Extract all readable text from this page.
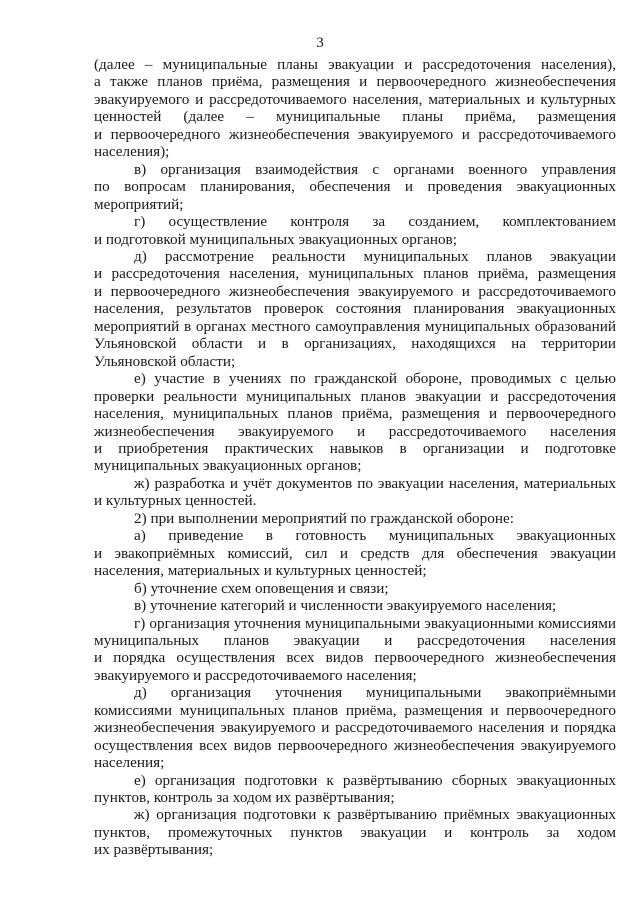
3
(далее – муниципальные планы эвакуации и рассредоточения населения),
а также планов приёма, размещения и первоочередного жизнеобеспечения
эвакуируемого и рассредоточиваемого населения, материальных и культурных
ценностей (далее – муниципальные планы приёма, размещения
и первоочередного жизнеобеспечения эвакуируемого и рассредоточиваемого
населения);
в) организация взаимодействия с органами военного управления
по вопросам планирования, обеспечения и проведения эвакуационных
мероприятий;
г) осуществление контроля за созданием, комплектованием
и подготовкой муниципальных эвакуационных органов;
д) рассмотрение реальности муниципальных планов эвакуации
и рассредоточения населения, муниципальных планов приёма, размещения
и первоочередного жизнеобеспечения эвакуируемого и рассредоточиваемого
населения, результатов проверок состояния планирования эвакуационных
мероприятий в органах местного самоуправления муниципальных образований
Ульяновской области и в организациях, находящихся на территории
Ульяновской области;
е) участие в учениях по гражданской обороне, проводимых с целью
проверки реальности муниципальных планов эвакуации и рассредоточения
населения, муниципальных планов приёма, размещения и первоочередного
жизнеобеспечения эвакуируемого и рассредоточиваемого населения
и приобретения практических навыков в организации и подготовке
муниципальных эвакуационных органов;
ж) разработка и учёт документов по эвакуации населения, материальных
и культурных ценностей.
2) при выполнении мероприятий по гражданской обороне:
а) приведение в готовность муниципальных эвакуационных
и эвакоприёмных комиссий, сил и средств для обеспечения эвакуации
населения, материальных и культурных ценностей;
б) уточнение схем оповещения и связи;
в) уточнение категорий и численности эвакуируемого населения;
г) организация уточнения муниципальными эвакуационными комиссиями
муниципальных планов эвакуации и рассредоточения населения
и порядка осуществления всех видов первоочередного жизнеобеспечения
эвакуируемого и рассредоточиваемого населения;
д) организация уточнения муниципальными эвакоприёмными
комиссиями муниципальных планов приёма, размещения и первоочередного
жизнеобеспечения эвакуируемого и рассредоточиваемого населения и порядка
осуществления всех видов первоочередного жизнеобеспечения эвакуируемого
населения;
е) организация подготовки к развёртыванию сборных эвакуационных
пунктов, контроль за ходом их развёртывания;
ж) организация подготовки к развёртыванию приёмных эвакуационных
пунктов, промежуточных пунктов эвакуации и контроль за ходом
их развёртывания;
